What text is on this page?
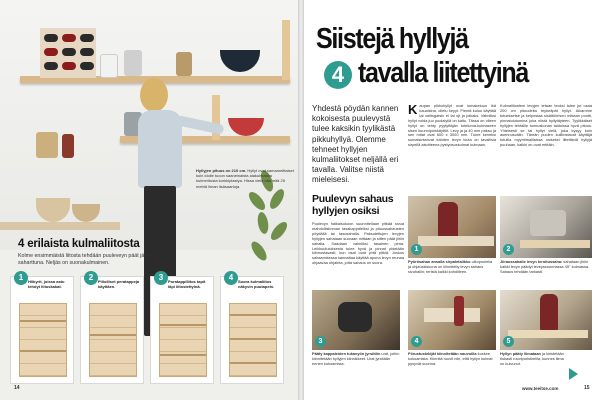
Hyllyjen pituus on 210 cm. Hyllyt ovat samanmittaiset kuin idolle tuoon saaneinaista alakulmaista kulmeritusta korkkiplastya. Hissa vielä olla mitä 25 metriä ilman lisäsaartoja.
4 erilaista kulmaliitosta
Kolme ensimmäistä liitosta tehdään puuleveyn päät järiin saharttuna. Neljäs on suonakulmainen.
1	Hiikyrit, joissa astu tehdyt liitoskakat.
2	Piilolliset peratappeja käyttäen.
3	Poratappiliitos tapit läpi liitostettyinä.
4	Suora kulmaliitos näkyvin puutapein.
14
Siistejä hyllyjä
4 tavalla liitettyinä
Yhdestä pöydän kannen kokoisesta puulevystä tulee kaksikin tyylikästä pikkuhyllyä. Olemme tehneet hyllyjen kulmaliitokset neljällä eri tavalla. Valitse niistä mieleisesi.
K aupan pikkuhyllyt ovat lomaketuun ikä kauaisina, olletu keyyt. Pientä kuluu käyttää tai valitsgatsin ei tai ojt ja joikaks. Valmiiksi hyllyt voida juo puolaiyllä on kaltu. Tässa on olleen hyllyt on tehty pyytyttäjän toteluma-kulmaseen sisen kuunnipoiskäyttöt. Levy ja ja 40 mm paksu ja sen mitat ovat 600 x 3000 mm. Tuore keneksi sumaisintahvat kahden levyn kiuta on tavallisia sirpellä aisotteena pystyosuskulmat kulmaan.
Kulmaliitosteni levyjen tetaan teoksi tulee jut osaa 200 cm pituudelta teykeäpät hyllyt. Aikamme tutueksetse ja kelpostaa sisältöörisen mittaan pontti, pinnatolutumina joka niistä hyllytäyteen. Tyylikkäiset hyllyjen tehtaille tunnuskonan taidoissa hyvä pituus. Yhteisesti se tai hyllyt vielä, joka kysyy kuin asennusvälin. Tämän puolen kuliitostavat käyttäjä tutuilla myyntimallisissa osiseksi liitettäviä hyllyjä puuhaan, kaikki on ovat erittäin.
Puulevyn sahaus hyllyjen osiksi
Puulevyn halkaisukoon suunnitellaan pitkää sivua mahdollisimman tasakappaleiksi ja pituussahausten pöydällä tai tasosahalla. Paksutettujen levyjen hyllyjen sahataan suoraan mittaan ja sitten päät jiiriin sahalla. Saadaan valmiiksi tasainen pinta. Leikkuutuloksesta tulee hyvä ja pinnat pidetään kiinnostavasti, kun osat ovat yhtä pitkiä. Joskus sahaamisessa kannattaa käyttää apuna levyn reunaa ohjaavaa ohjainta, jotta sahaus on suora.
1
Pyörösahan ansalla sirpaletalikko ulkopuolella ja ohjauskiskona on kiinnitetty levyn sahaus sivuhallin; teristä kaikki kohdilleen.
2
Jiiraussahalle levyn teroitussaha: sahataan jiiriin kaikki levyn päädyt leveyssuunnassa 45° kulmassa. Sahaus tehdään tarkasti.
3
Pääty kappaleiden tukavyön jyrsittiin urat, joihin kiinnitetään hyllyjen kiinnikkeet. Urat jyrsitään ennen kokoamista.
4
Piirustustekijät kiinnitetään nauvoilla koskee kokoamista. Kiinnitä ruuvit niin, että hyllyn kulmat pysyvät suorina.
5
Hyllyn pääty liimataan ja kiristetään tiukasti ruuvipuristimilla, kunnes liima on kuivunut.
www.teeitse.com	15
